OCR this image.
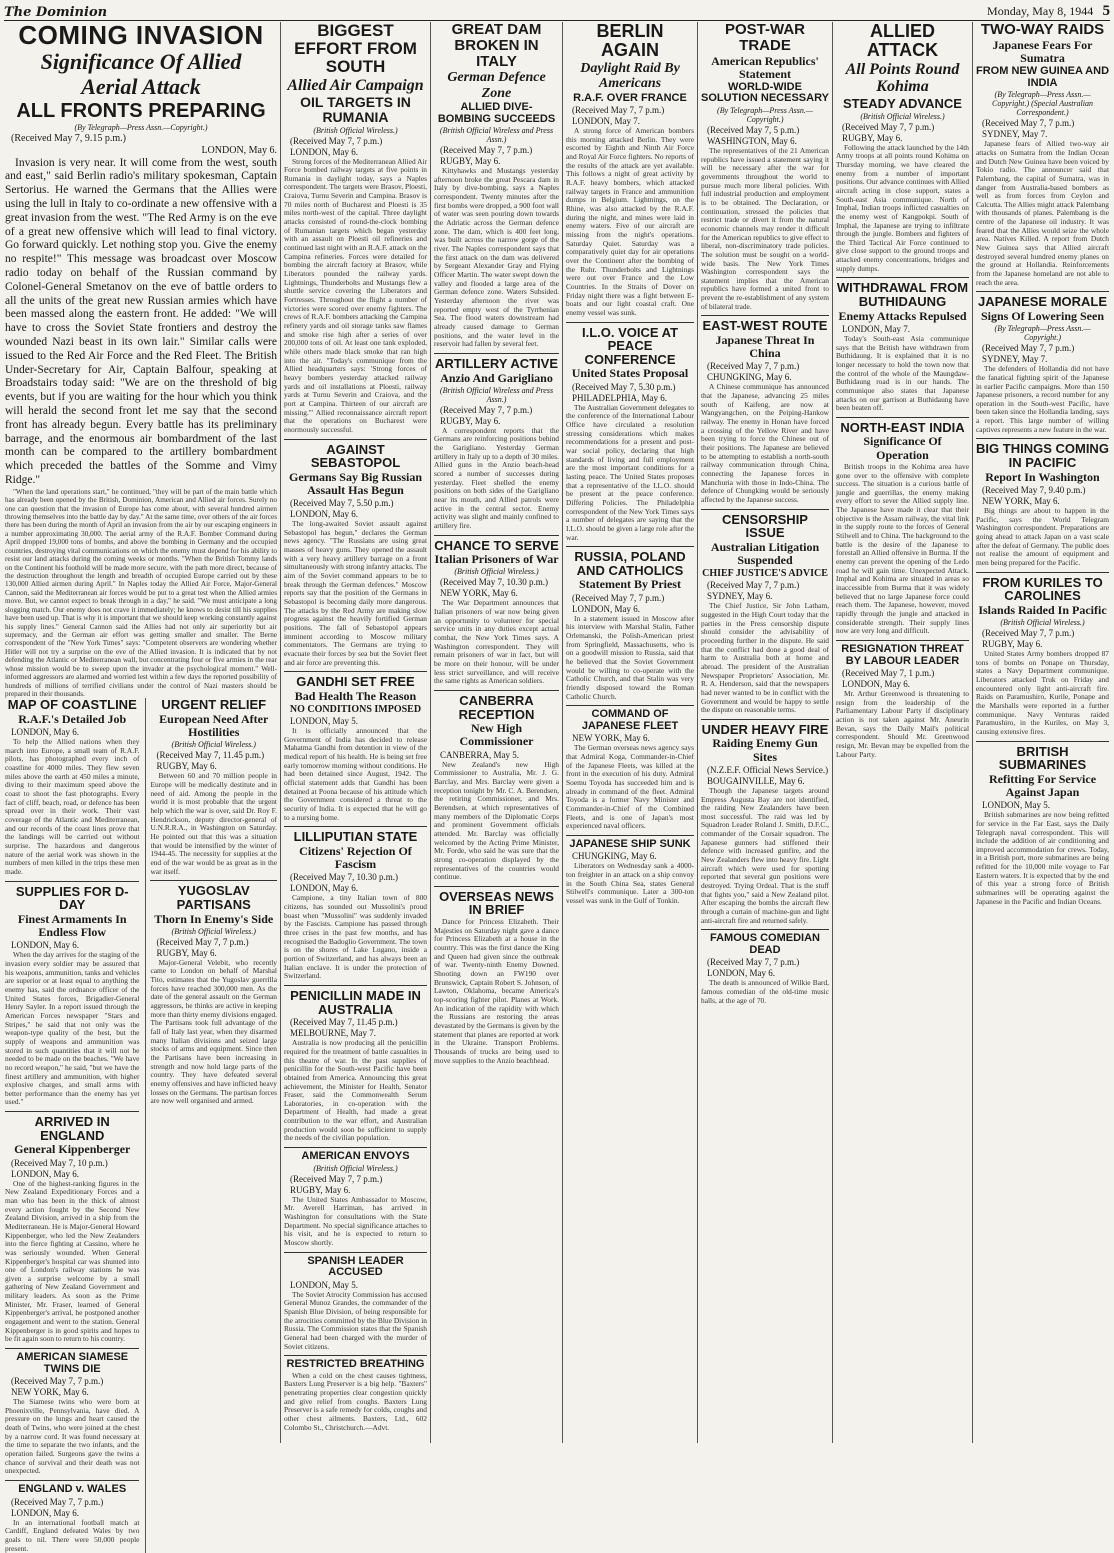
The Dominion	Monday, May 8, 1944 5
COMING INVASION
Significance Of Allied
Aerial Attack
ALL FRONTS PREPARING
(By Telegraph—Press Assn.—Copyright.)
(Received May 7, 9.15 p.m.)
LONDON, May 6.

Invasion is very near. It will come from the west, south and east," said Berlin radio's military spokesman, Captain Sertorius. He warned the Germans that the Allies were using the lull in Italy to co-ordinate a new offensive with a great invasion from the west. "The Red Army is on the eve of a great new offensive which will lead to final victory. Go forward quickly. Let nothing stop you. Give the enemy no respite!" This message was broadcast over Moscow radio today on behalf of the Russian command by Colonel-General Smetanov on the eve of battle orders to all the units of the great new Russian armies which have been massed along the eastern front. He added: "We will have to cross the Soviet State frontiers and destroy the wounded Nazi beast in its own lair." Similar calls were issued to the Red Air Force and the Red Fleet. The British Under-Secretary for Air, Captain Balfour, speaking at Broadstairs today said: "We are on the threshold of big events, but if you are waiting for the hour which you think will herald the second front let me say that the second front has already begun. Every battle has its preliminary barrage, and the enormous air bombardment of the last month can be compared to the artillery bombardment which preceded the battles of the Somme and Vimy Ridge."

"When the land operations start," he continued, "they will be part of the main battle which has already been opened by the British, Dominion, American and Allied air forces. Surely no one can question that the invasion of Europe has come about, with several hundred airmen throwing themselves into the battle day by day." At the same time, over others of the air forces there has been during the month of April an invasion from the air by our escaping engineers in a number approximating 30,000. The aerial army of the R.A.F. Bomber Command during April dropped 19,000 tons of bombs, and above the bombing in Germany and the occupied countries, destroying vital communications on which the enemy must depend for his ability to resist our land attacks during the coming weeks or months. "When the British Tommy lands on the Continent his foothold will be made more secure, with the path more direct, because of the destruction throughout the length and breadth of occupied Europe carried out by these 130,000 Allied airmen during April." In Naples today the Allied Air Force, Major-General Cannon, said the Mediterranean air forces would be put to a great test when the Allied armies move. But, we cannot expect to break through in a day," he said. "We must anticipate a long slogging match. Our enemy does not crave it immediately; he knows to desist till his supplies have been used up. That is why it is important that we should keep working constantly against his supply lines." General Cannon said the Allies had not only air superiority but air supremacy, and the German air effort was getting smaller and smaller. The Berne correspondent of the "New York Times" says: "Competent observers are wondering whether Hitler will not try a surprise on the eve of the Allied invasion. It is indicated that by not defending the Atlantic or Mediterranean wall, but concentrating four or five armies in the rear whose mission would be to sweep upon the invader at the psychological moment." Well-informed aggressors are alarmed and worried lest within a few days the reported possibility of hundreds of millions of terrified civilians under the control of Nazi masters should be prepared in their thousands.

MAP OF COASTLINE
R.A.F.'s Detailed Job
LONDON, May 6.

To help the Allied nations when they march into Europe, a small team of R.A.F. pilots, has photographed every inch of coastline for 4000 miles. They flew seven miles above the earth at 450 miles a minute, diving to their maximum speed above the coast to shoot the fast photographs. Every fact of cliff, beach, road, or defence has been spread over in their work. Their vast coverage of the Atlantic and Mediterranean, and our records of the coast lines prove that the landings will be carried out without surprise. The hazardous and dangerous nature of the aerial work was shown in the numbers of men killed in the trips these men made.

SUPPLIES FOR D-DAY
Finest Armaments In Endless Flow
LONDON, May 6.

When the day arrives for the staging of the invasion every soldier may be assured that his weapons, ammunition, tanks and vehicles are superior or at least equal to anything the enemy has, said the ordnance officer of the United States forces, Brigadier-General Henry Sayler. In a report issued through the American Forces newspaper "Stars and Stripes," he said that not only was the weapon-type quality of the best, but the supply of weapons and ammunition was stored in such quantities that it will not be needed to be made on the beaches. "We have no record weapon," he said, "but we have the finest artillery and ammunition, with higher explosive charges, and small arms with better performance than the enemy has yet used."

ARRIVED IN ENGLAND
General Kippenberger
(Received May 7, 10 p.m.)
LONDON, May 6.

One of the highest-ranking figures in the New Zealand Expeditionary Forces and a man who has been in the thick of almost every action fought by the Second New Zealand Division, arrived in a ship from the Mediterranean. He is Major-General Howard Kippenberger, who led the New Zealanders into the fierce fighting at Cassino, where he was seriously wounded. When General Kippenberger's hospital car was shunted into one of London's railway stations he was given a surprise welcome by a small gathering of New Zealand Government and military leaders. As soon as the Prime Minister, Mr. Fraser, learned of General Kippenberger's arrival, he postponed another engagement and went to the station. General Kippenberger is in good spirits and hopes to be fit again soon to return to his country.

AMERICAN SIAMESE TWINS DIE
(Received May 7, 7 p.m.)
NEW YORK, May 6.

The Siamese twins who were born at Phoenixville, Pennsylvania, have died. A pressure on the lungs and heart caused the death of Twins, who were joined at the chest by a narrow cord. It was found necessary at the time to separate the two infants, and the operation failed. Surgeons gave the twins a chance of survival and their death was not unexpected.

ENGLAND v. WALES
(Received May 7, 7 p.m.)
LONDON, May 6.

In an international football match at Cardiff, England defeated Wales by two goals to nil. There were 50,000 people present.

URGENT RELIEF
European Need After Hostilities
(British Official Wireless.)
(Received May 7, 11.45 p.m.)
RUGBY, May 6.

Between 60 and 70 million people in Europe will be medically destitute and in need of aid. Among the people in the world it is most probable that the urgent help which the war is over, said Dr. Roy F. Hendrickson, deputy director-general of U.N.R.R.A., in Washington on Saturday. He pointed out that this was a situation that would be intensified by the winter of 1944-45. The necessity for supplies at the end of the war would be as great as in the war itself.

YUGOSLAV PARTISANS
Thorn In Enemy's Side
(British Official Wireless.)
(Received May 7, 7 p.m.)
RUGBY, May 6.

Major-General Velebit, who recently came to London on behalf of Marshal Tito, estimates that the Yugoslav guerrilla forces have reached 300,000 men. As the date of the general assault on the German aggressors, he thinks are active in keeping more than thirty enemy divisions engaged. The Partisans took full advantage of the fall of Italy last year, when they disarmed many Italian divisions and seized large stocks of arms and equipment. Since then the Partisans have been increasing in strength and now hold large parts of the country. They have defeated several enemy offensives and have inflicted heavy losses on the Germans. The partisan forces are now well organised and armed.

BIGGEST EFFORT FROM SOUTH
Allied Air Campaign
OIL TARGETS IN RUMANIA
(British Official Wireless.)
(Received May 7, 7 p.m.)
LONDON, May 6.

Strong forces of the Mediterranean Allied Air Force bombed railway targets at five points in Rumania in daylight today, says a Naples correspondent. The targets were Brasov, Ploesti, Craiova, Turnu Severin and Campina. Brasov is 70 miles north of Bucharest and Ploesti is 35 miles north-west of the capital. Three daylight attacks consisted of round-the-clock bombing of Rumanian targets which began yesterday with an assault on Ploesti oil refineries and continued last night with an R.A.F. attack on the Campina refineries. Forces were detailed for bombing the aircraft factory at Brasov, while Liberators pounded the railway yards. Lightnings, Thunderbolts and Mustangs flew a shuttle service covering the Liberators and Fortresses. Throughout the flight a number of victories were scored over enemy fighters. The crews of R.A.F. bombers attacking the Campina refinery yards and oil storage tanks saw flames and smoke rise high after a series of over 200,000 tons of oil. At least one tank exploded, while others made black smoke that ran high into the air. "Today's communique from the Allied headquarters says: 'Strong forces of heavy bombers yesterday attacked railway yards and oil installations at Ploesti, railway yards at Turnu Severin and Craiova, and the port at Campina. Thirteen of our aircraft are missing.'" Allied reconnaissance aircraft report that the operations on Bucharest were enormously successful.

AGAINST SEBASTOPOL
Germans Say Big Russian Assault Has Begun
(Received May 7, 5.50 p.m.)
LONDON, May 6.

The long-awaited Soviet assault against Sebastopol has begun," declares the German news agency. "The Russians are using great masses of heavy guns. They opened the assault with a very heavy artillery barrage on a front simultaneously with strong infantry attacks. The aim of the Soviet command appears to be to break through the German defences." Moscow reports say that the position of the Germans in Sebastopol is becoming daily more dangerous. The attacks by the Red Army are making slow progress against the heavily fortified German positions. The fall of Sebastopol appears imminent according to Moscow military commentators. The Germans are trying to evacuate their forces by sea but the Soviet fleet and air force are preventing this.

GANDHI SET FREE
Bad Health The Reason
NO CONDITIONS IMPOSED
LONDON, May 5.

It is officially announced that the Government of India has decided to release Mahatma Gandhi from detention in view of the medical report of his health. He is being set free early tomorrow morning without conditions. He had been detained since August, 1942. The official statement adds that Gandhi has been detained at Poona because of his attitude which the Government considered a threat to the security of India. It is expected that he will go to a nursing home.

LILLIPUTIAN STATE
Citizens' Rejection Of Fascism
(Received May 7, 10.30 p.m.)
LONDON, May 6.

Campione, a tiny Italian town of 800 citizens, has sounded out Mussolini's proud boast when "Mussolini" was suddenly invaded by the Fascists. Campione has passed through three crises in the past few months, and has recognised the Badoglio Government. The town is on the shores of Lake Lugano, inside a portion of Switzerland, and has always been an Italian enclave. It is under the protection of Switzerland.

PENICILLIN MADE IN AUSTRALIA
(Received May 7, 11.45 p.m.)
MELBOURNE, May 7.

Australia is now producing all the penicillin required for the treatment of battle casualties in this theatre of war. In the past supplies of penicillin for the South-west Pacific have been obtained from America. Announcing this great achievement, the Minister for Health, Senator Fraser, said the Commonwealth Serum Laboratories, in co-operation with the Department of Health, had made a great contribution to the war effort, and Australian production would soon be sufficient to supply the needs of the civilian population.

AMERICAN ENVOYS
(British Official Wireless.)
(Received May 7, 7 p.m.)
RUGBY, May 6.

The United States Ambassador to Moscow, Mr. Averell Harriman, has arrived in Washington for consultations with the State Department. No special significance attaches to his visit, and he is expected to return to Moscow shortly.

SPANISH LEADER ACCUSED
LONDON, May 5.

The Soviet Atrocity Commission has accused General Munoz Grandes, the commander of the Spanish Blue Division, of being responsible for the atrocities committed by the Blue Division in Russia. The Commission states that the Spanish General had been charged with the murder of Soviet citizens.

RESTRICTED BREATHING

When a cold on the chest causes tightness, Baxters Lung Preserver is a big help. "Baxters" penetrating properties clear congestion quickly and give relief from coughs. Baxters Lung Preserver is a safe remedy for colds, coughs and other chest ailments. Baxters, Ltd., 602 Colombo St., Christchurch.—Advt.

GREAT DAM BROKEN IN ITALY
German Defence Zone
ALLIED DIVE-BOMBING SUCCEEDS
(British Official Wireless and Press Assn.)
(Received May 7, 7 p.m.)
RUGBY, May 6.

Kittyhawks and Mustangs yesterday afternoon broke the great Pescara dam in Italy by dive-bombing, says a Naples correspondent. Twenty minutes after the first bombs were dropped, a 900 foot wall of water was seen pouring down towards the Adriatic across the German defence zone. The dam, which is 400 feet long, was built across the narrow gorge of the river. The Naples correspondent says that the first attack on the dam was delivered by Sergeant Alexander Gray and Flying Officer Martin. The water swept down the valley and flooded a large area of the German defence zone. Waters Subsided. Yesterday afternoon the river was reported empty west of the Tyrrhenian Sea. The flood waters downstream had already caused damage to German positions, and the water level in the reservoir had fallen by several feet.

ARTILLERY ACTIVE
Anzio And Garigliano
(British Official Wireless and Press Assn.)
(Received May 7, 7 p.m.)
RUGBY, May 6.

A correspondent reports that the Germans are reinforcing positions behind the Garigliano. Yesterday German artillery in Italy up to a depth of 30 miles. Allied guns in the Anzio beach-head scored a number of successes during yesterday. Fleet shelled the enemy positions on both sides of the Garigliano near its mouth, and Allied patrols were active in the central sector. Enemy activity was slight and mainly confined to artillery fire.

CHANCE TO SERVE
Italian Prisoners of War
(British Official Wireless.)
(Received May 7, 10.30 p.m.)
NEW YORK, May 6.

The War Department announces that Italian prisoners of war now being given an opportunity to volunteer for special service units in any duties except actual combat, the New York Times says. A Washington correspondent. They will remain prisoners of war in fact, but will be more on their honour, will be under less strict surveillance, and will receive the same rights as American soldiers.

CANBERRA RECEPTION
New High Commissioner
CANBERRA, May 5.

New Zealand's new High Commissioner to Australia, Mr. J. G. Barclay, and Mrs. Barclay were given a reception tonight by Mr. C. A. Berendsen, the retiring Commissioner, and Mrs. Berendsen, at which representatives of many members of the Diplomatic Corps and prominent Government officials attended. Mr. Barclay was officially welcomed by the Acting Prime Minister, Mr. Forde, who said he was sure that the strong co-operation displayed by the representatives of the countries would continue.

OVERSEAS NEWS IN BRIEF

Dance for Princess Elizabeth. Their Majesties on Saturday night gave a dance for Princess Elizabeth at a house in the country. This was the first dance the King and Queen had given since the outbreak of war. Twenty-ninth Enemy Downed. Shooting down an FW190 over Brunswick, Captain Robert S. Johnson, of Lawton, Oklahoma, became America's top-scoring fighter pilot. Planes at Work. An indication of the rapidity with which the Russians are restoring the areas devastated by the Germans is given by the statement that planes are reported at work in the Ukraine. Transport Problems. Thousands of trucks are being used to move supplies to the Anzio beachhead.

BERLIN AGAIN
Daylight Raid By Americans
R.A.F. OVER FRANCE
(Received May 7, 7 p.m.)
LONDON, May 7.

A strong force of American bombers this morning attacked Berlin. They were escorted by Eighth and Ninth Air Force and Royal Air Force fighters. No reports of the results of the attack are yet available. This follows a night of great activity by R.A.F. heavy bombers, which attacked railway targets in France and ammunition dumps in Belgium. Lightnings, on the Rhine, was also attacked by the R.A.F. during the night, and mines were laid in enemy waters. Five of our aircraft are missing from the night's operations. Saturday Quiet. Saturday was a comparatively quiet day for air operations over the Continent after the bombing of the Ruhr. Thunderbolts and Lightnings were out over France and the Low Countries. In the Straits of Dover on Friday night there was a fight between E-boats and our light coastal craft. One enemy vessel was sunk.

I.L.O. VOICE AT PEACE CONFERENCE
United States Proposal
(Received May 7, 5.30 p.m.)
PHILADELPHIA, May 6.

The Australian Government delegates to the conference of the International Labour Office have circulated a resolution stressing considerations which makes recommendations for a present and post-war social policy, declaring that high standards of living and full employment are the most important conditions for a lasting peace. The United States proposes that a representative of the I.L.O. should be present at the peace conference. Differing Policies. The Philadelphia correspondent of the New York Times says a number of delegates are saying that the I.L.O. should be given a large role after the war.

RUSSIA, POLAND AND CATHOLICS
Statement By Priest
(Received May 7, 7 p.m.)
LONDON, May 6.

In a statement issued in Moscow after his interview with Marshal Stalin, Father Orlemanski, the Polish-American priest from Springfield, Massachusetts, who is on a goodwill mission to Russia, said that he believed that the Soviet Government would be willing to co-operate with the Catholic Church, and that Stalin was very friendly disposed toward the Roman Catholic Church.

COMMAND OF JAPANESE FLEET
NEW YORK, May 6.

The German overseas news agency says that Admiral Koga, Commander-in-Chief of the Japanese Fleets, was killed at the front in the execution of his duty. Admiral Soemu Toyoda has succeeded him and is already in command of the fleet. Admiral Toyoda is a former Navy Minister and Commander-in-Chief of the Combined Fleets, and is one of Japan's most experienced naval officers.

JAPANESE SHIP SUNK
CHUNGKING, May 6.

Liberators on Wednesday sank a 4000-ton freighter in an attack on a ship convoy in the South China Sea, states General Stilwell's communique. Later a 300-ton vessel was sunk in the Gulf of Tonkin.

POST-WAR TRADE
American Republics' Statement
WORLD-WIDE SOLUTION NECESSARY
(By Telegraph—Press Assn.—Copyright.)
(Received May 7, 5 p.m.)
WASHINGTON, May 6.

The representatives of the 21 American republics have issued a statement saying it will be necessary after the war for governments throughout the world to pursue much more liberal policies. With full industrial production and employment is to be obtained. The Declaration, or continuation, stressed the policies that restrict trade or divert it from the natural economic channels may render it difficult for the American republics to give effect to liberal, non-discriminatory trade policies. The solution must be sought on a world-wide basis. The New York Times Washington correspondent says the statement implies that the American republics have formed a united front to prevent the re-establishment of any system of bilateral trade.

EAST-WEST ROUTE
Japanese Threat In China
(Received May 7, 7 p.m.)
CHUNGKING, May 6.

A Chinese communique has announced that the Japanese, advancing 25 miles south of Kaifeng, are now at Wangyangchen, on the Peiping-Hankow railway. The enemy in Honan have forced a crossing of the Yellow River and have been trying to force the Chinese out of their positions. The Japanese are believed to be attempting to establish a north-south railway communication through China, connecting the Japanese forces in Manchuria with those in Indo-China. The defence of Chungking would be seriously affected by the Japanese success.

CENSORSHIP ISSUE
Australian Litigation Suspended
CHIEF JUSTICE'S ADVICE
(Received May 7, 7 p.m.)
SYDNEY, May 6.

The Chief Justice, Sir John Latham, suggested in the High Court today that the parties in the Press censorship dispute should consider the advisability of proceeding further in the dispute. He said that the conflict had done a good deal of harm to Australia both at home and abroad. The president of the Australian Newspaper Proprietors' Association, Mr. R. A. Henderson, said that the newspapers had never wanted to be in conflict with the Government and would be happy to settle the dispute on reasonable terms.

UNDER HEAVY FIRE
Raiding Enemy Gun Sites
(N.Z.E.F. Official News Service.)
BOUGAINVILLE, May 6.

Though the Japanese targets around Empress Augusta Bay are not identified, the raiding New Zealanders have been most successful. The raid was led by Squadron Leader Roland J. Smith, D.F.C., commander of the Corsair squadron. The Japanese gunners had stiffened their defence with increased gunfire, and the New Zealanders flew into heavy fire. Light aircraft which were used for spotting reported that several gun positions were destroyed. Trying Ordeal. That is the stuff that fights you," said a New Zealand pilot. After escaping the bombs the aircraft flew through a curtain of machine-gun and light anti-aircraft fire and returned safely.

FAMOUS COMEDIAN DEAD
(Received May 7, 7 p.m.)
LONDON, May 6.

The death is announced of Wilkie Bard, famous comedian of the old-time music halls, at the age of 70.

ALLIED ATTACK
All Points Round Kohima
STEADY ADVANCE
(British Official Wireless.)
(Received May 7, 7 p.m.)
RUGBY, May 6.

Following the attack launched by the 14th Army troops at all points round Kohima on Thursday morning, we have cleared the enemy from a number of important positions. Our advance continues with Allied aircraft acting in close support, states a South-east Asia communique. North of Imphal, Indian troops inflicted casualties on the enemy west of Kangpokpi. South of Imphal, the Japanese are trying to infiltrate through the jungle. Bombers and fighters of the Third Tactical Air Force continued to give close support to the ground troops and attacked enemy concentrations, bridges and supply dumps.

WITHDRAWAL FROM BUTHIDAUNG
Enemy Attacks Repulsed
LONDON, May 7.

Today's South-east Asia communique says that the British have withdrawn from Buthidaung. It is explained that it is no longer necessary to hold the town now that the control of the whole of the Maungdaw-Buthidaung road is in our hands. The communique also states that Japanese attacks on our garrison at Buthidaung have been beaten off.

NORTH-EAST INDIA
Significance Of Operation

British troops in the Kohima area have gone over to the offensive with complete success. The situation is a curious battle of jungle and guerrillas, the enemy making every effort to sever the Allied supply line. The Japanese have made it clear that their objective is the Assam railway, the vital link in the supply route to the forces of General Stilwell and to China. The background to the battle is the desire of the Japanese to forestall an Allied offensive in Burma. If the enemy can prevent the opening of the Ledo road he will gain time. Unexpected Attack. Imphal and Kohima are situated in areas so inaccessible from Burma that it was widely believed that no large Japanese force could reach them. The Japanese, however, moved rapidly through the jungle and attacked in considerable strength. Their supply lines now are very long and difficult.

RESIGNATION THREAT BY LABOUR LEADER
(Received May 7, 1 p.m.)
LONDON, May 6.

Mr. Arthur Greenwood is threatening to resign from the leadership of the Parliamentary Labour Party if disciplinary action is not taken against Mr. Aneurin Bevan, says the Daily Mail's political correspondent. Should Mr. Greenwood resign, Mr. Bevan may be expelled from the Labour Party.

TWO-WAY RAIDS
Japanese Fears For Sumatra
FROM NEW GUINEA AND INDIA
(By Telegraph—Press Assn.—Copyright.) (Special Australian Correspondent.)
(Received May 7, 7 p.m.)
SYDNEY, May 7.

Japanese fears of Allied two-way air attacks on Sumatra from the Indian Ocean and Dutch New Guinea have been voiced by Tokio radio. The announcer said that Palembang, the capital of Sumatra, was in danger from Australia-based bombers as well as from forces from Ceylon and Calcutta. The Allies might attack Palembang with thousands of planes. Palembang is the centre of the Japanese oil industry. It was feared that the Allies would seize the whole area. Natives Killed. A report from Dutch New Guinea says that Allied aircraft destroyed several hundred enemy planes on the ground at Hollandia. Reinforcements from the Japanese homeland are not able to reach the area.

JAPANESE MORALE
Signs Of Lowering Seen
(By Telegraph—Press Assn.—Copyright.)
(Received May 7, 7 p.m.)
SYDNEY, May 7.

The defenders of Hollandia did not have the fanatical fighting spirit of the Japanese in earlier Pacific campaigns. More than 150 Japanese prisoners, a record number for any operation in the South-west Pacific, have been taken since the Hollandia landing, says a report. This large number of willing captives represents a new feature in the war.

BIG THINGS COMING IN PACIFIC
Report In Washington
(Received May 7, 9.40 p.m.)
NEW YORK, May 6.

Big things are about to happen in the Pacific, says the World Telegram Washington correspondent. Preparations are going ahead to attack Japan on a vast scale after the defeat of Germany. The public does not realise the amount of equipment and men being prepared for the Pacific.

FROM KURILES TO CAROLINES
Islands Raided In Pacific
(British Official Wireless.)
(Received May 7, 7 p.m.)
RUGBY, May 6.

United States Army bombers dropped 87 tons of bombs on Ponape on Thursday, states a Navy Department communique. Liberators attacked Truk on Friday and encountered only light anti-aircraft fire. Raids on Paramushiro, Kurile, Ponape and the Marshalls were reported in a further communique. Navy Venturas raided Paramushiro, in the Kuriles, on May 3, causing extensive fires.

BRITISH SUBMARINES
Refitting For Service Against Japan
LONDON, May 5.

British submarines are now being refitted for service in the Far East, says the Daily Telegraph naval correspondent. This will include the addition of air conditioning and improved accommodation for crews. Today, in a British port, more submarines are being refitted for the 10,000 mile voyage to Far Eastern waters. It is expected that by the end of this year a strong force of British submarines will be operating against the Japanese in the Pacific and Indian Oceans.
